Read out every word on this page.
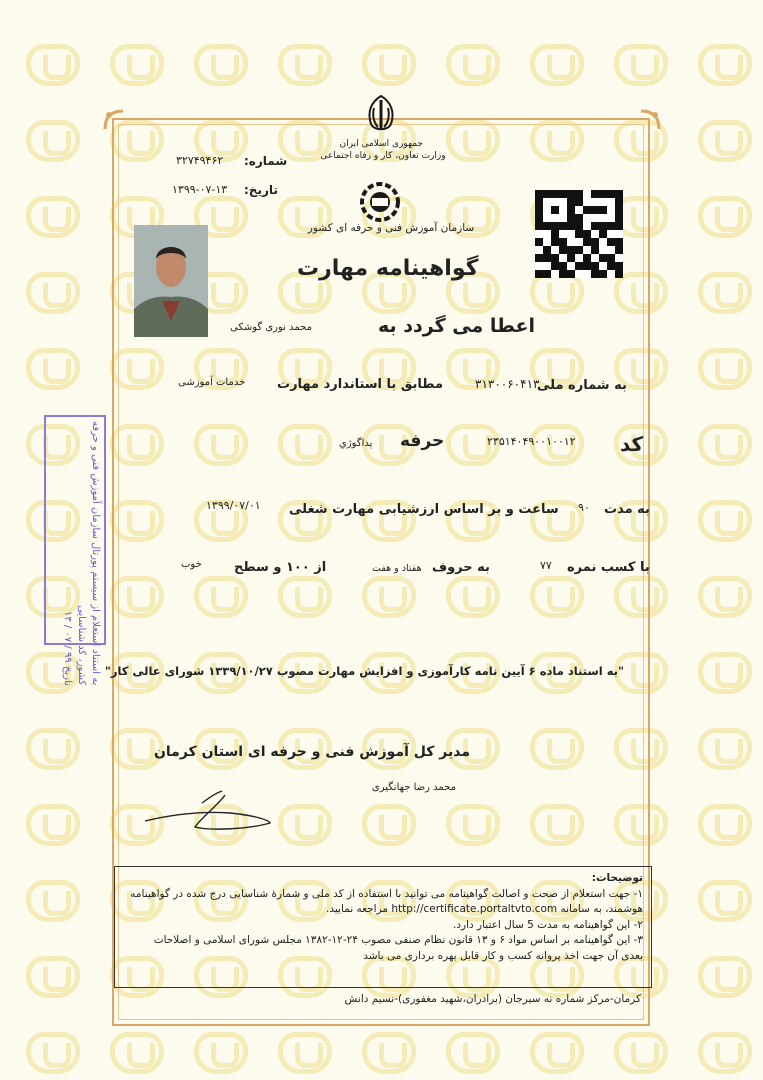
جمهوری اسلامی ایران
وزارت تعاون، کار و رفاه اجتماعی
سازمان آموزش فنی و حرفه ای کشور
شماره:
۳۲۷۴۹۴۶۲
تاریخ:
۱۳۹۹-۰۷-۱۳
گواهینامه مهارت
اعطا می گردد به
محمد نوری گوشکی
به شماره ملی
۳۱۳۰۰۶۰۴۱۳
مطابق با استاندارد مهارت
خدمات آموزشی
کد
۲۳۵۱۴۰۴۹۰۰۱۰۰۱۲
حرفه
پداگوژي
به مدت
۹۰
ساعت و بر اساس ارزشیابی مهارت شغلی
۱۳۹۹/۰۷/۰۱
با کسب نمره
۷۷
به حروف
هفتاد و هفت
از ۱۰۰ و سطح
خوب
"به استناد ماده ۶ آیین نامه کارآموزی و افزایش مهارت مصوب ۱۳۳۹/۱۰/۲۷ شورای عالی کار"
مدیر کل آموزش فنی و حرفه ای استان کرمان
محمد رضا جهانگیری
به استناد استعلام از سیستم پورتال سازمان آموزش فنی و حرفه
کشور، کد شناسایی
تاریخ ۹۹ / ۰۷ / ۱۳

توضیحات:

۱- جهت استعلام از صحت و اصالت گواهینامه می توانید با استفاده از کد ملی و شمارۀ شناسایی درج شده در گواهینامه

هوشمند، به سامانه http://certificate.portaltvto.com مراجعه نمایید.

۲- این گواهینامه به مدت 5 سال اعتبار دارد.

۳- این گواهینامه بر اساس مواد ۶ و ۱۳ قانون نظام صنفی مصوب ۲۴-۱۲-۱۳۸۲ مجلس شورای اسلامی و اصلاحات

بعدی آن جهت اخذ پروانه کسب و کار قابل بهره برداری می باشد

کرمان-مرکز شماره نه سیرجان (برادران،شهید مغفوری)-نسیم دانش
